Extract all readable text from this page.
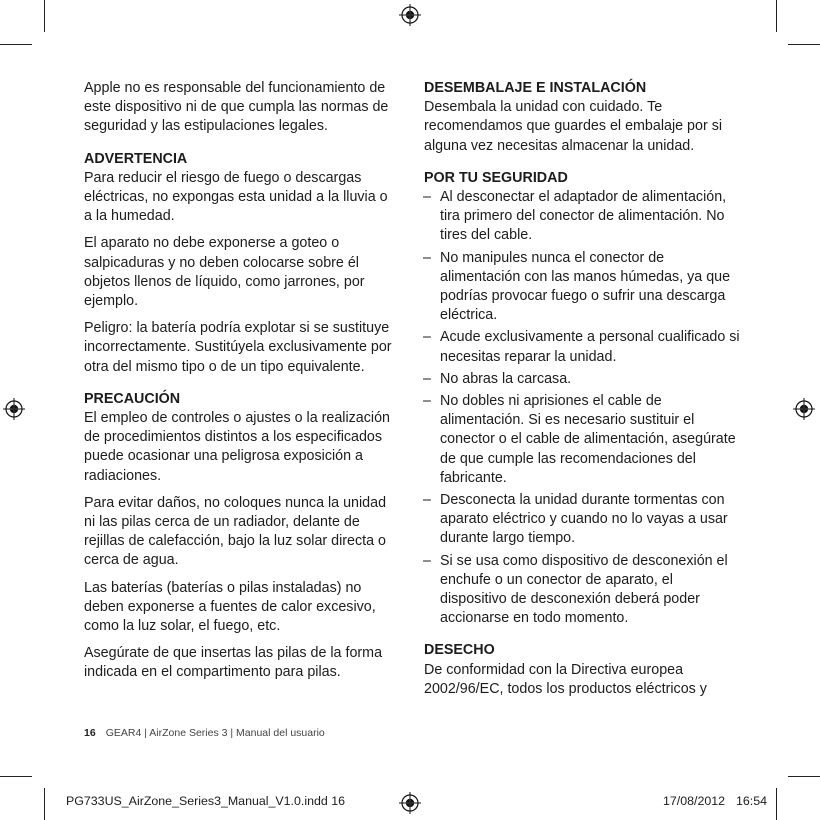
Apple no es responsable del funcionamiento de este dispositivo ni de que cumpla las normas de seguridad y las estipulaciones legales.

ADVERTENCIA

Para reducir el riesgo de fuego o descargas eléctricas, no expongas esta unidad a la lluvia o a la humedad.

El aparato no debe exponerse a goteo o salpicaduras y no deben colocarse sobre él objetos llenos de líquido, como jarrones, por ejemplo.

Peligro: la batería podría explotar si se sustituye incorrectamente. Sustitúyela exclusivamente por otra del mismo tipo o de un tipo equivalente.

PRECAUCIÓN

El empleo de controles o ajustes o la realización de procedimientos distintos a los especificados puede ocasionar una peligrosa exposición a radiaciones.

Para evitar daños, no coloques nunca la unidad ni las pilas cerca de un radiador, delante de rejillas de calefacción, bajo la luz solar directa o cerca de agua.

Las baterías (baterías o pilas instaladas) no deben exponerse a fuentes de calor excesivo, como la luz solar, el fuego, etc.

Asegúrate de que insertas las pilas de la forma indicada en el compartimento para pilas.

DESEMBALAJE E INSTALACIÓN

Desembala la unidad con cuidado. Te recomendamos que guardes el embalaje por si alguna vez necesitas almacenar la unidad.

POR TU SEGURIDAD
– Al desconectar el adaptador de alimentación, tira primero del conector de alimentación. No tires del cable.
– No manipules nunca el conector de alimentación con las manos húmedas, ya que podrías provocar fuego o sufrir una descarga eléctrica.
– Acude exclusivamente a personal cualificado si necesitas reparar la unidad.
– No abras la carcasa.
– No dobles ni aprisiones el cable de alimentación. Si es necesario sustituir el conector o el cable de alimentación, asegúrate de que cumple las recomendaciones del fabricante.
– Desconecta la unidad durante tormentas con aparato eléctrico y cuando no lo vayas a usar durante largo tiempo.
– Si se usa como dispositivo de desconexión el enchufe o un conector de aparato, el dispositivo de desconexión deberá poder accionarse en todo momento.
DESECHO

De conformidad con la Directiva europea 2002/96/EC, todos los productos eléctricos y

16 GEAR4 | AirZone Series 3 | Manual del usuario
PG733US_AirZone_Series3_Manual_V1.0.indd 16	17/08/2012 16:54
